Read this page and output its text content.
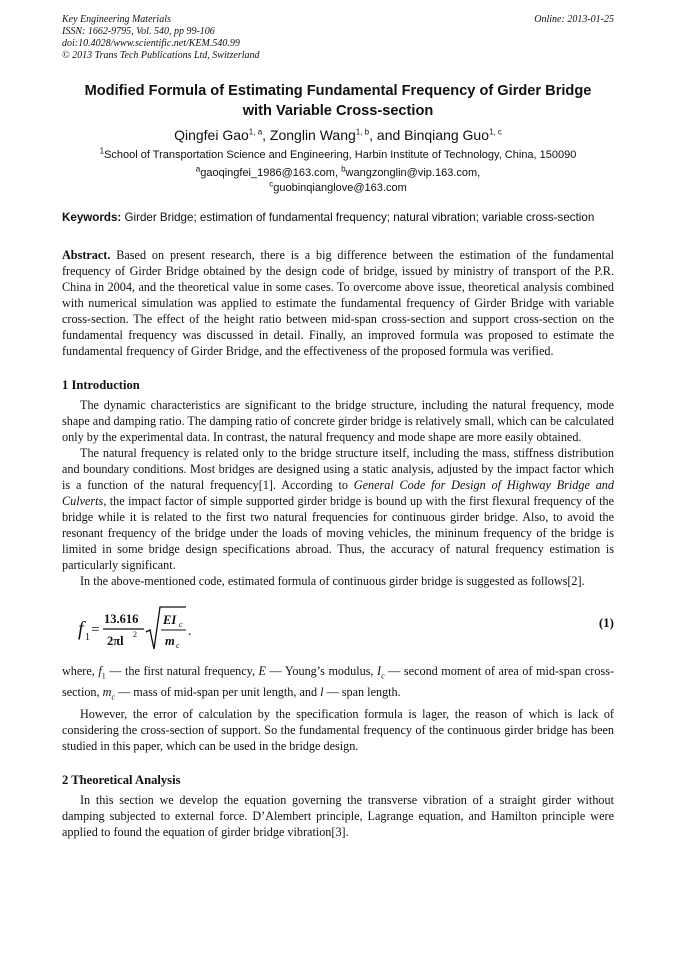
Key Engineering Materials
ISSN: 1662-9795, Vol. 540, pp 99-106
doi:10.4028/www.scientific.net/KEM.540.99
© 2013 Trans Tech Publications Ltd, Switzerland
Online: 2013-01-25
Modified Formula of Estimating Fundamental Frequency of Girder Bridge
with Variable Cross-section
Qingfei Gao$^{1, a}$, Zonglin Wang$^{1, b}$, and Binqiang Guo$^{1, c}$
$^1$School of Transportation Science and Engineering, Harbin Institute of Technology, China, 150090
$^a$gaoqingfei_1986@163.com, $^b$wangzonglin@vip.163.com,
$^c$guobinqianglove@163.com
Keywords: Girder Bridge; estimation of fundamental frequency; natural vibration; variable cross-section
Abstract. Based on present research, there is a big difference between the estimation of the fundamental frequency of Girder Bridge obtained by the design code of bridge, issued by ministry of transport of the P.R. China in 2004, and the theoretical value in some cases. To overcome above issue, theoretical analysis combined with numerical simulation was applied to estimate the fundamental frequency of Girder Bridge with variable cross-section. The effect of the height ratio between mid-span cross-section and support cross-section on the fundamental frequency was discussed in detail. Finally, an improved formula was proposed to estimate the fundamental frequency of Girder Bridge, and the effectiveness of the proposed formula was verified.
1 Introduction
The dynamic characteristics are significant to the bridge structure, including the natural frequency, mode shape and damping ratio. The damping ratio of concrete girder bridge is relatively small, which can be calculated only by the experimental data. In contrast, the natural frequency and mode shape are more easily obtained.
The natural frequency is related only to the bridge structure itself, including the mass, stiffness distribution and boundary conditions. Most bridges are designed using a static analysis, adjusted by the impact factor which is a function of the natural frequency[1]. According to General Code for Design of Highway Bridge and Culverts, the impact factor of simple supported girder bridge is bound up with the first flexural frequency of the bridge while it is related to the first two natural frequencies for continuous girder bridge. Also, to avoid the resonant frequency of the bridge under the loads of moving vehicles, the mininum frequency of the bridge is limited in some bridge design specifications abroad. Thus, the accuracy of natural frequency estimation is particularly significant.
In the above-mentioned code, estimated formula of continuous girder bridge is suggested as follows[2].
f 1 =
13.616
2πl 2
EI c
m c
.
(1)
where, $f_1$ — the first natural frequency, E — Young’s modulus, $I_c$ — second moment of area of mid-span cross-section, $m_c$ — mass of mid-span per unit length, and l — span length.
However, the error of calculation by the specification formula is lager, the reason of which is lack of considering the cross-section of support. So the fundamental frequency of the continuous girder bridge has been studied in this paper, which can be used in the bridge design.
2 Theoretical Analysis
In this section we develop the equation governing the transverse vibration of a straight girder without damping subjected to external force. D’Alembert principle, Lagrange equation, and Hamilton principle were applied to found the equation of girder bridge vibration[3].
